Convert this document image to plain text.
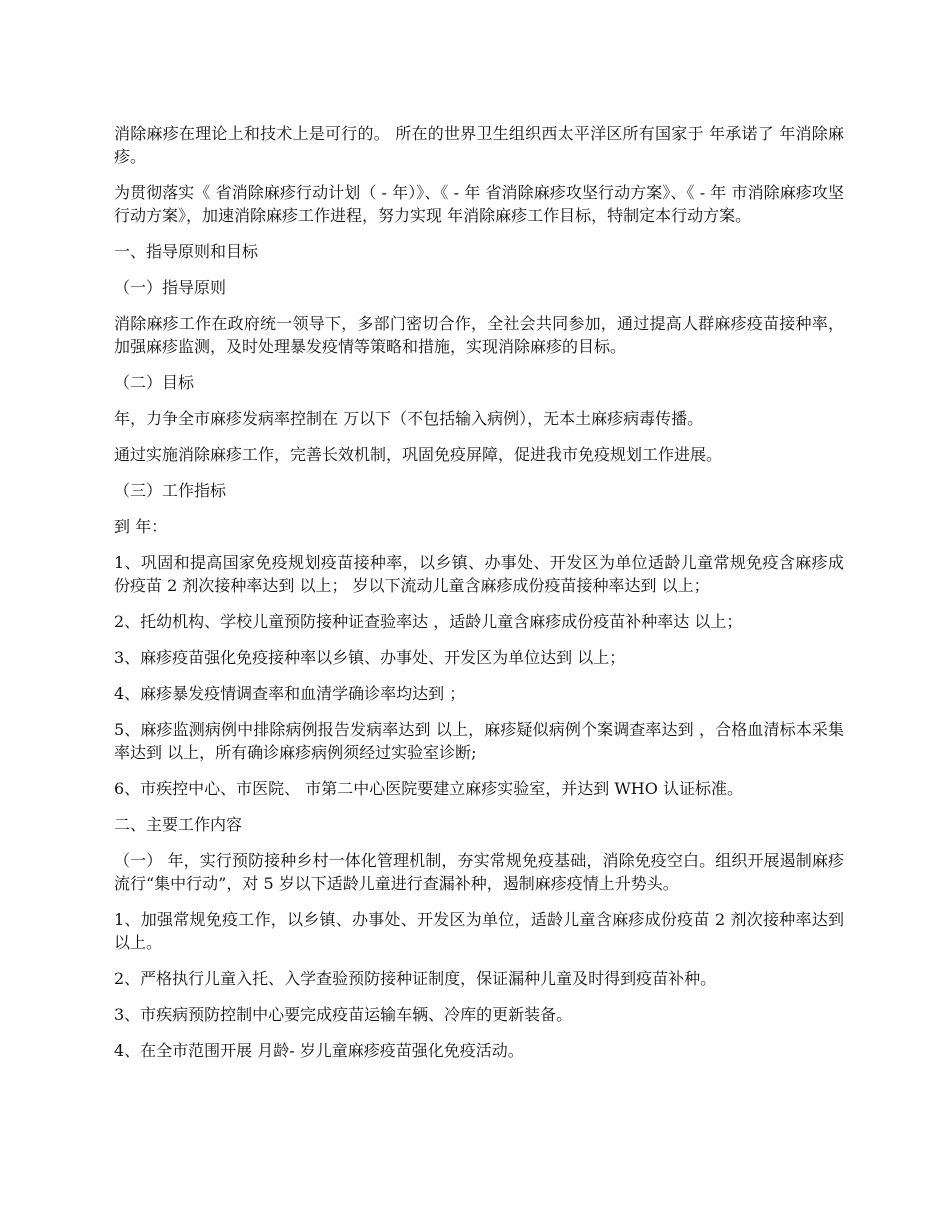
消除麻疹在理论上和技术上是可行的。 所在的世界卫生组织西太平洋区所有国家于 年承诺了 年消除麻疹。

为贯彻落实《 省消除麻疹行动计划（ - 年）》、《 - 年 省消除麻疹攻坚行动方案》、《 - 年 市消除麻疹攻坚行动方案》，加速消除麻疹工作进程，努力实现 年消除麻疹工作目标，特制定本行动方案。

一、指导原则和目标

（一）指导原则

消除麻疹工作在政府统一领导下，多部门密切合作，全社会共同参加，通过提高人群麻疹疫苗接种率，加强麻疹监测，及时处理暴发疫情等策略和措施，实现消除麻疹的目标。

（二）目标

年，力争全市麻疹发病率控制在 万以下（不包括输入病例），无本土麻疹病毒传播。

通过实施消除麻疹工作，完善长效机制，巩固免疫屏障，促进我市免疫规划工作进展。

（三）工作指标

到 年：

1、巩固和提高国家免疫规划疫苗接种率，以乡镇、办事处、开发区为单位适龄儿童常规免疫含麻疹成份疫苗 2 剂次接种率达到 以上； 岁以下流动儿童含麻疹成份疫苗接种率达到 以上；

2、托幼机构、学校儿童预防接种证查验率达 ，适龄儿童含麻疹成份疫苗补种率达 以上；

3、麻疹疫苗强化免疫接种率以乡镇、办事处、开发区为单位达到 以上；

4、麻疹暴发疫情调查率和血清学确诊率均达到 ；

5、麻疹监测病例中排除病例报告发病率达到 以上，麻疹疑似病例个案调查率达到 ，合格血清标本采集率达到 以上，所有确诊麻疹病例须经过实验室诊断;

6、市疾控中心、市医院、 市第二中心医院要建立麻疹实验室，并达到 WHO 认证标准。

二、主要工作内容

（一） 年，实行预防接种乡村一体化管理机制，夯实常规免疫基础，消除免疫空白。组织开展遏制麻疹流行“集中行动”，对 5 岁以下适龄儿童进行查漏补种，遏制麻疹疫情上升势头。

1、加强常规免疫工作，以乡镇、办事处、开发区为单位，适龄儿童含麻疹成份疫苗 2 剂次接种率达到 以上。

2、严格执行儿童入托、入学查验预防接种证制度，保证漏种儿童及时得到疫苗补种。

3、市疾病预防控制中心要完成疫苗运输车辆、冷库的更新装备。

4、在全市范围开展 月龄- 岁儿童麻疹疫苗强化免疫活动。
